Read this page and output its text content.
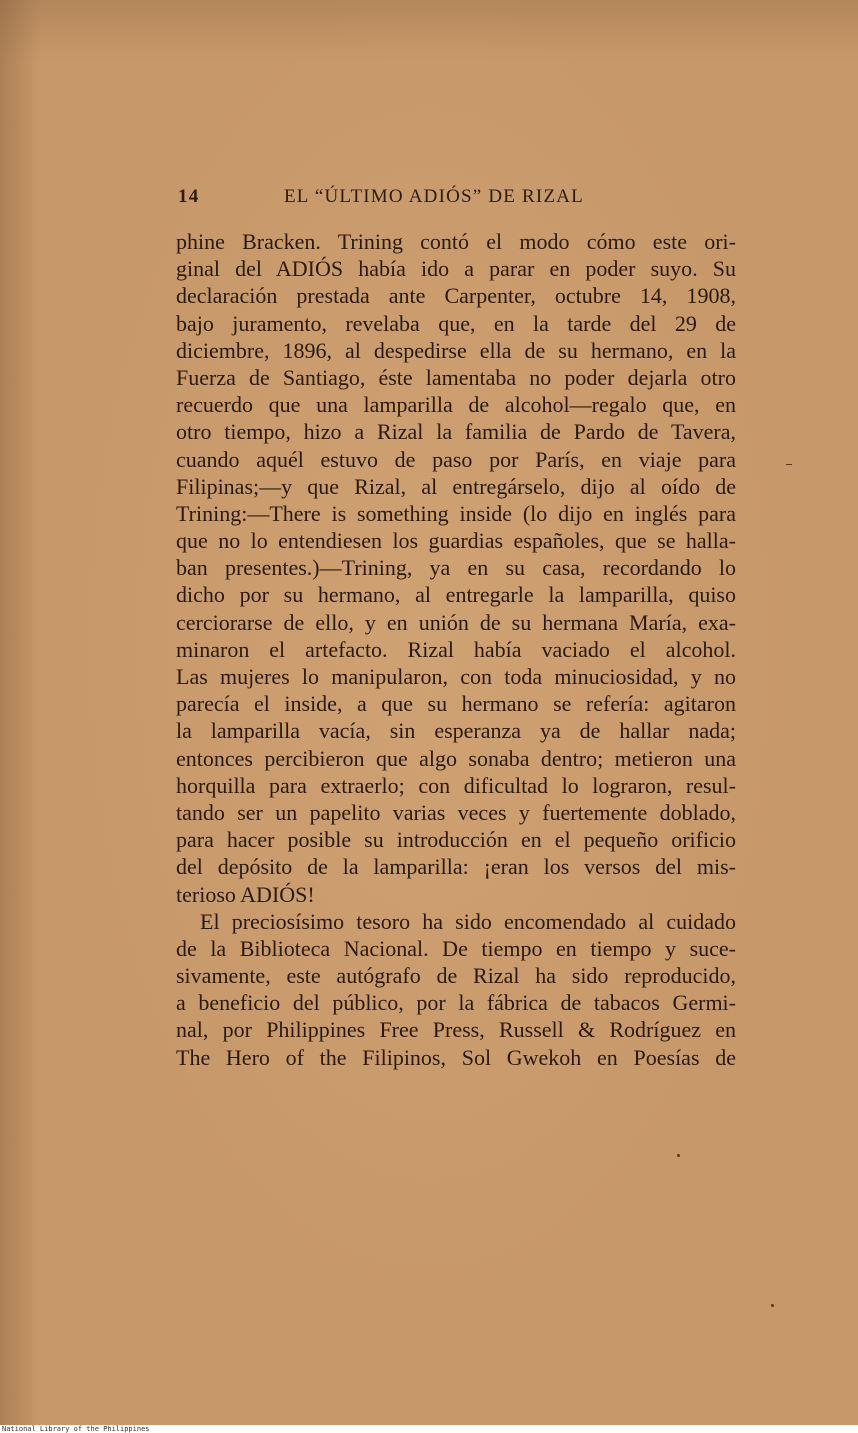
14	EL “ÚLTIMO ADIÓS” DE RIZAL
phine Bracken. Trining contó el modo cómo este ori-
ginal del ADIÓS había ido a parar en poder suyo. Su
declaración prestada ante Carpenter, octubre 14, 1908,
bajo juramento, revelaba que, en la tarde del 29 de
diciembre, 1896, al despedirse ella de su hermano, en la
Fuerza de Santiago, éste lamentaba no poder dejarla otro
recuerdo que una lamparilla de alcohol—regalo que, en
otro tiempo, hizo a Rizal la familia de Pardo de Tavera,
cuando aquél estuvo de paso por París, en viaje para
Filipinas;—y que Rizal, al entregárselo, dijo al oído de
Trining:—There is something inside (lo dijo en inglés para
que no lo entendiesen los guardias españoles, que se halla-
ban presentes.)—Trining, ya en su casa, recordando lo
dicho por su hermano, al entregarle la lamparilla, quiso
cerciorarse de ello, y en unión de su hermana María, exa-
minaron el artefacto. Rizal había vaciado el alcohol.
Las mujeres lo manipularon, con toda minuciosidad, y no
parecía el inside, a que su hermano se refería: agitaron
la lamparilla vacía, sin esperanza ya de hallar nada;
entonces percibieron que algo sonaba dentro; metieron una
horquilla para extraerlo; con dificultad lo lograron, resul-
tando ser un papelito varias veces y fuertemente doblado,
para hacer posible su introducción en el pequeño orificio
del depósito de la lamparilla: ¡eran los versos del mis-
terioso ADIÓS!
El preciosísimo tesoro ha sido encomendado al cuidado
de la Biblioteca Nacional. De tiempo en tiempo y suce-
sivamente, este autógrafo de Rizal ha sido reproducido,
a beneficio del público, por la fábrica de tabacos Germi-
nal, por Philippines Free Press, Russell & Rodríguez en
The Hero of the Filipinos, Sol Gwekoh en Poesías de
National Library of the Philippines
